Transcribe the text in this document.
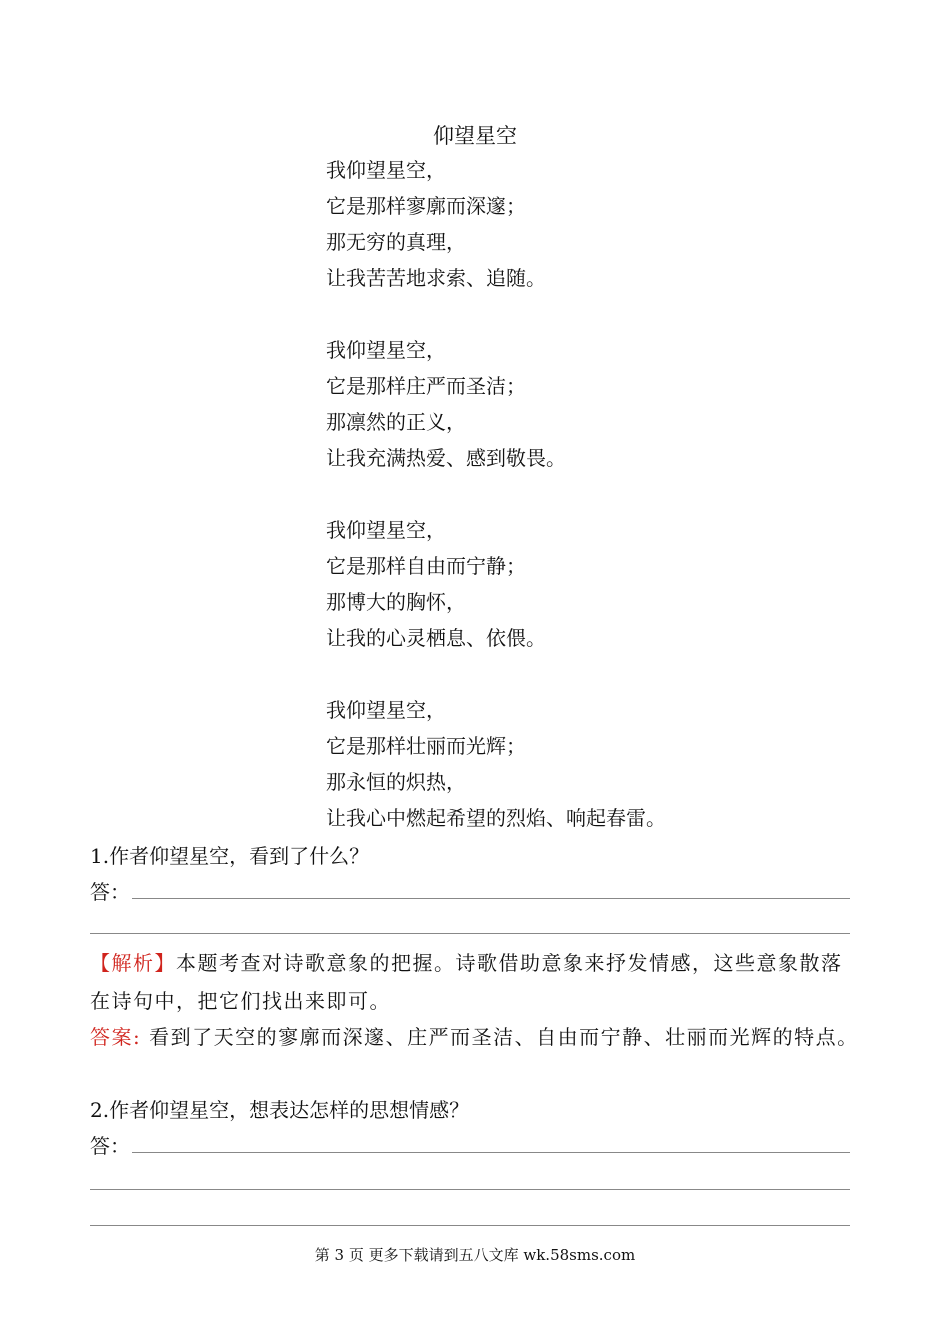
仰望星空
我仰望星空，
它是那样寥廓而深邃；
那无穷的真理，
让我苦苦地求索、追随。
我仰望星空，
它是那样庄严而圣洁；
那凛然的正义，
让我充满热爱、感到敬畏。
我仰望星空，
它是那样自由而宁静；
那博大的胸怀，
让我的心灵栖息、依偎。
我仰望星空，
它是那样壮丽而光辉；
那永恒的炽热，
让我心中燃起希望的烈焰、响起春雷。
1.作者仰望星空，看到了什么？
答：
【解析】本题考查对诗歌意象的把握。诗歌借助意象来抒发情感，这些意象散落在诗句中，把它们找出来即可。
答案: 看到了天空的寥廓而深邃、庄严而圣洁、自由而宁静、壮丽而光辉的特点。
2.作者仰望星空，想表达怎样的思想情感？
答：
第 3 页 更多下载请到五八文库 wk.58sms.com
